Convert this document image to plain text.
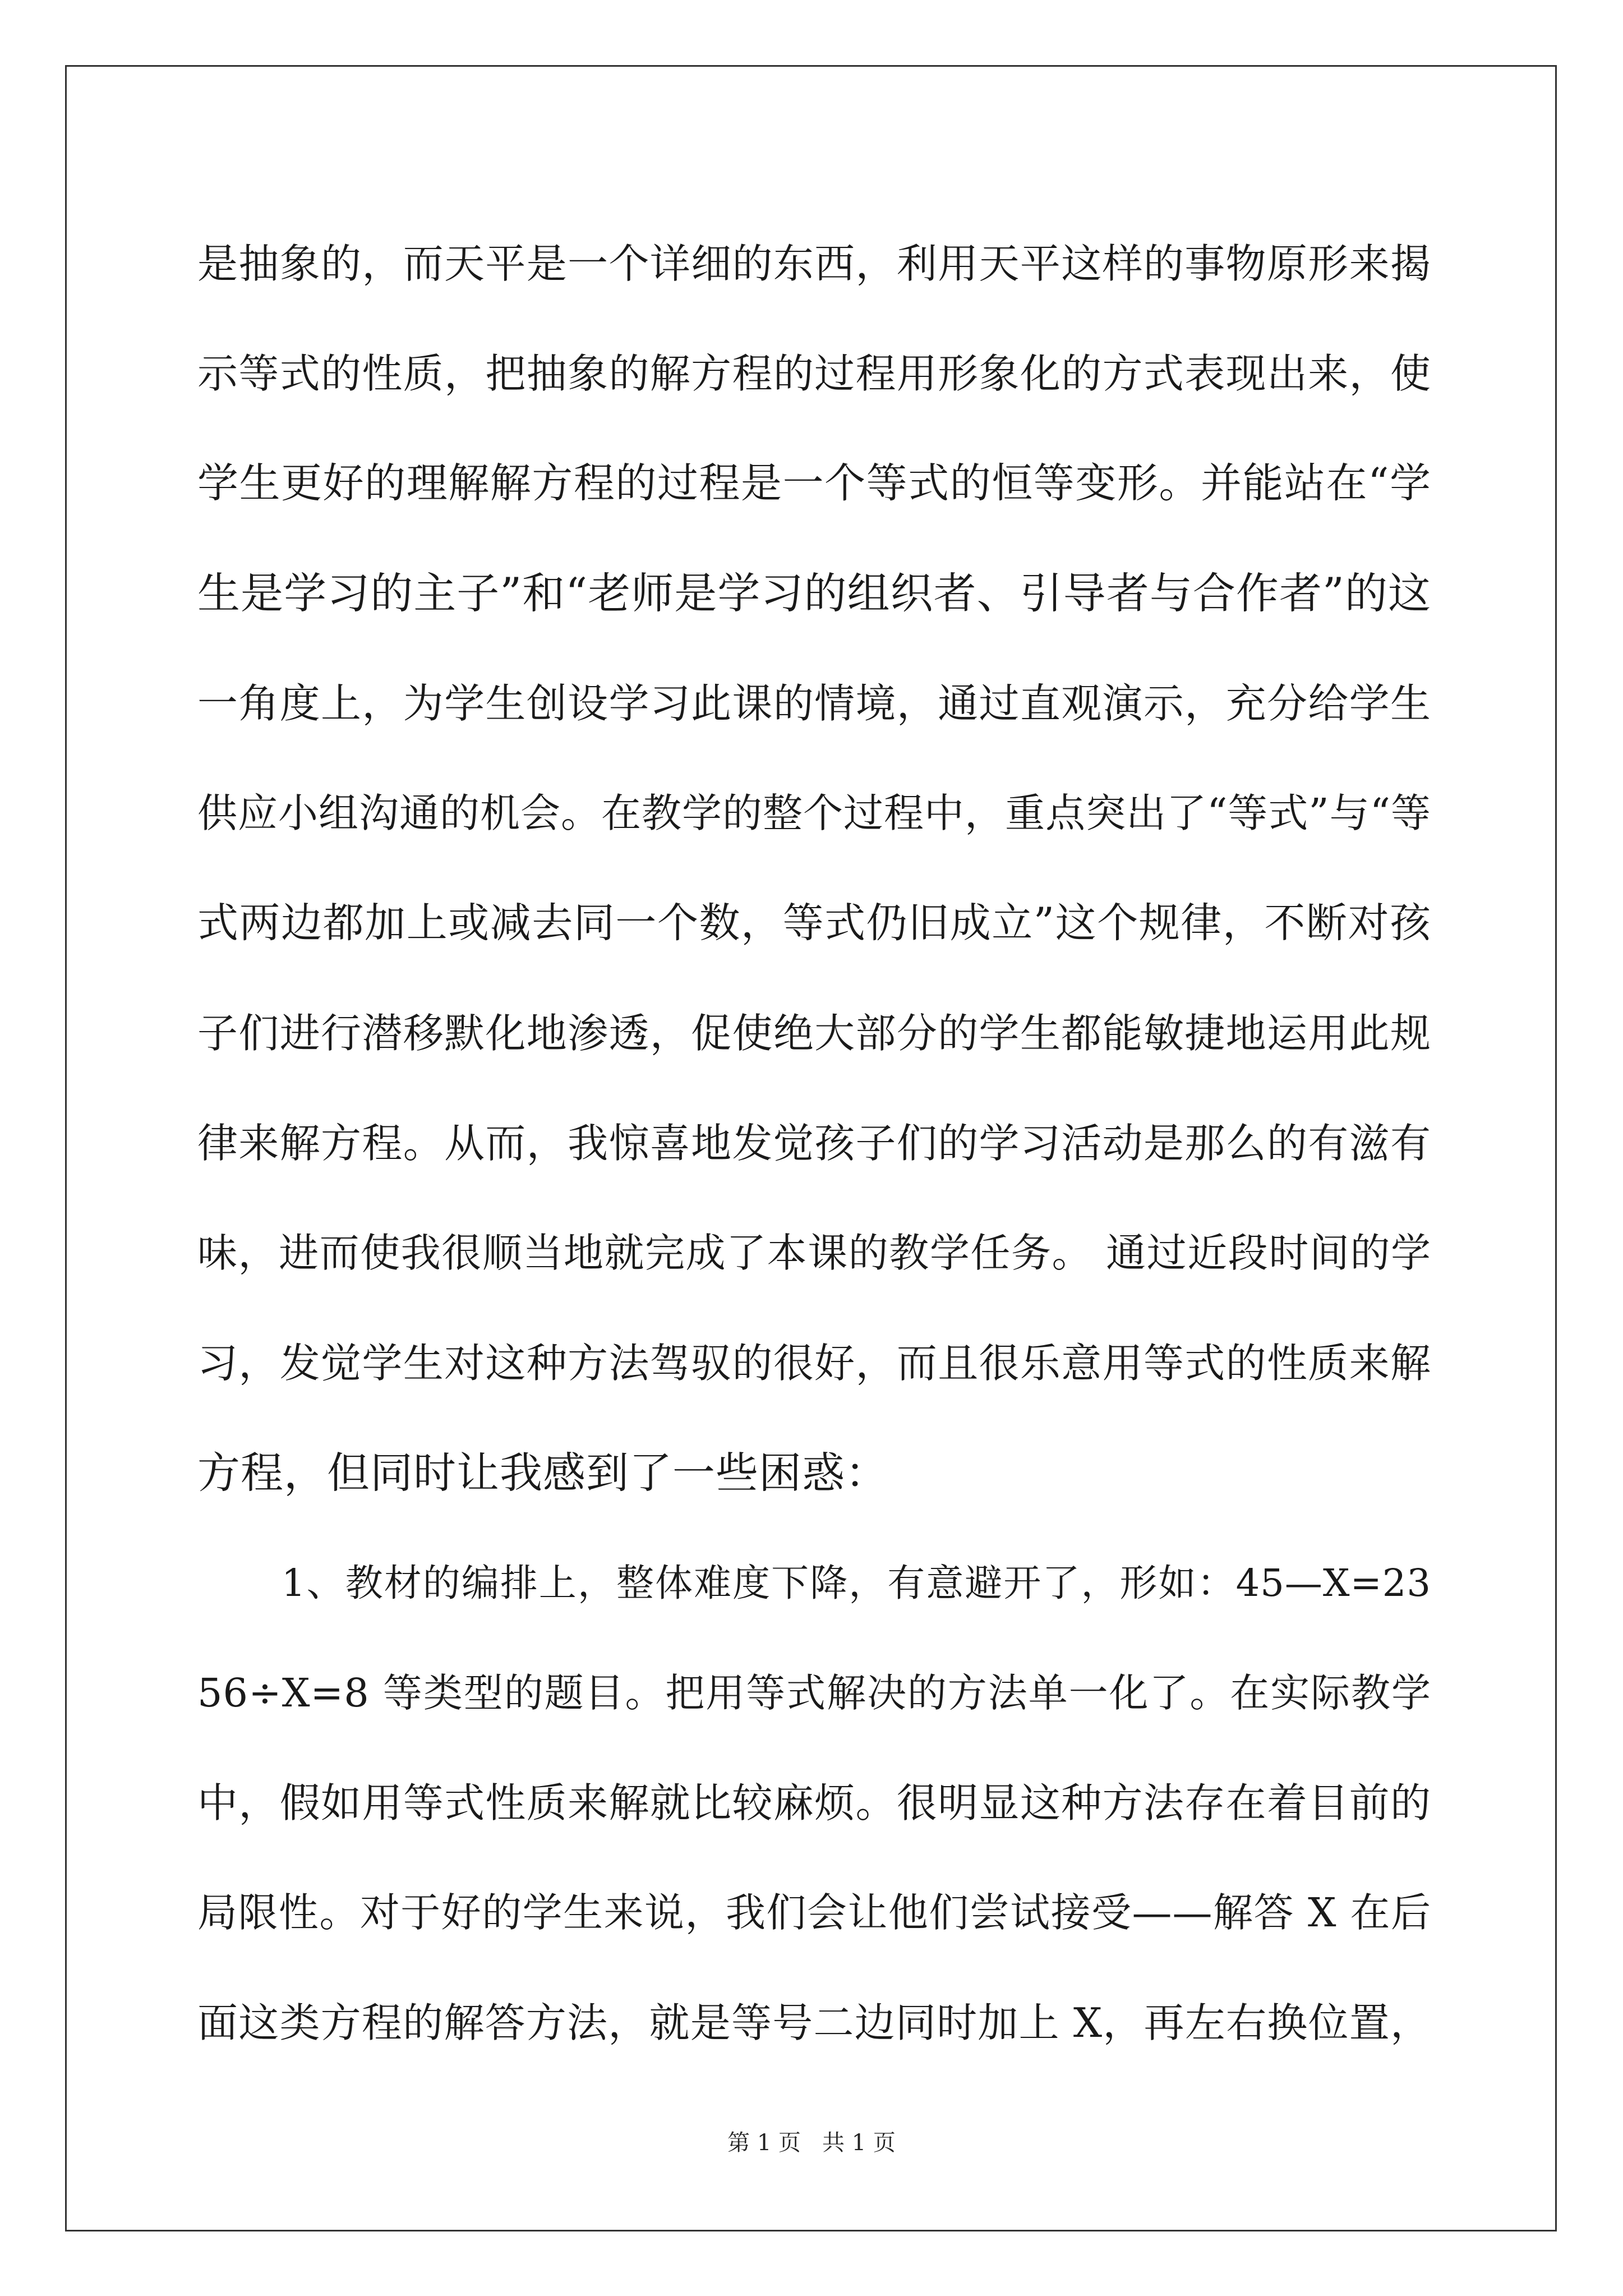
是抽象的，而天平是一个详细的东西，利用天平这样的事物原形来揭
示等式的性质，把抽象的解方程的过程用形象化的方式表现出来，使
学生更好的理解解方程的过程是一个等式的恒等变形。并能站在“学
生是学习的主子”和“老师是学习的组织者、引导者与合作者”的这
一角度上，为学生创设学习此课的情境，通过直观演示，充分给学生
供应小组沟通的机会。在教学的整个过程中，重点突出了“等式”与“等
式两边都加上或减去同一个数，等式仍旧成立”这个规律，不断对孩
子们进行潜移默化地渗透，促使绝大部分的学生都能敏捷地运用此规
律来解方程。从而，我惊喜地发觉孩子们的学习活动是那么的有滋有
味，进而使我很顺当地就完成了本课的教学任务。 通过近段时间的学
习，发觉学生对这种方法驾驭的很好，而且很乐意用等式的性质来解
方程，但同时让我感到了一些困惑：
1、教材的编排上，整体难度下降，有意避开了，形如：45—X=23
56÷X=8 等类型的题目。把用等式解决的方法单一化了。在实际教学
中，假如用等式性质来解就比较麻烦。很明显这种方法存在着目前的
局限性。对于好的学生来说，我们会让他们尝试接受——解答 X 在后
面这类方程的解答方法，就是等号二边同时加上 X，再左右换位置，
第 1 页 共 1 页
